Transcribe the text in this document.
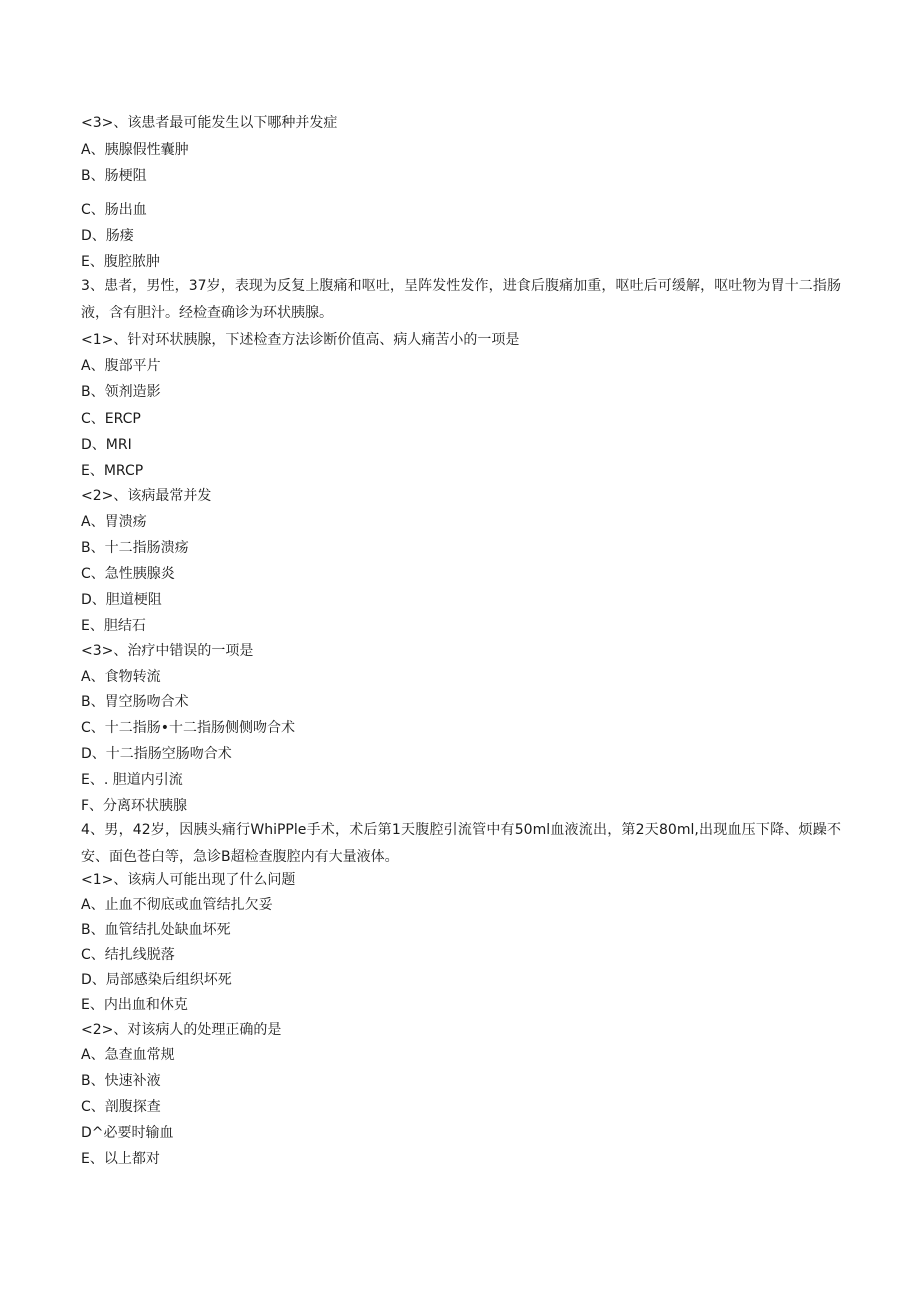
<3>、该患者最可能发生以下哪种并发症
A、胰腺假性囊肿
B、肠梗阻
C、肠出血
D、肠瘘
E、腹腔脓肿
3、患者，男性，37岁，表现为反复上腹痛和呕吐，呈阵发性发作，进食后腹痛加重，呕吐后可缓解，呕吐物为胃十二指肠液，含有胆汁。经检查确诊为环状胰腺。
<1>、针对环状胰腺，下述检查方法诊断价值高、病人痛苦小的一项是
A、腹部平片
B、领剂造影
C、ERCP
D、MRI
E、MRCP
<2>、该病最常并发
A、胃溃疡
B、十二指肠溃疡
C、急性胰腺炎
D、胆道梗阻
E、胆结石
<3>、治疗中错误的一项是
A、食物转流
B、胃空肠吻合术
C、十二指肠•十二指肠侧侧吻合术
D、十二指肠空肠吻合术
E、. 胆道内引流
F、分离环状胰腺
4、男，42岁，因胰头痛行WhiPPle手术，术后第1天腹腔引流管中有50ml血液流出，第2天80ml,出现血压下降、烦躁不安、面色苍白等，急诊B超检查腹腔内有大量液体。
<1>、该病人可能出现了什么问题
A、止血不彻底或血管结扎欠妥
B、血管结扎处缺血坏死
C、结扎线脱落
D、局部感染后组织坏死
E、内出血和休克
<2>、对该病人的处理正确的是
A、急查血常规
B、快速补液
C、剖腹探查
D^必要时输血
E、以上都对
